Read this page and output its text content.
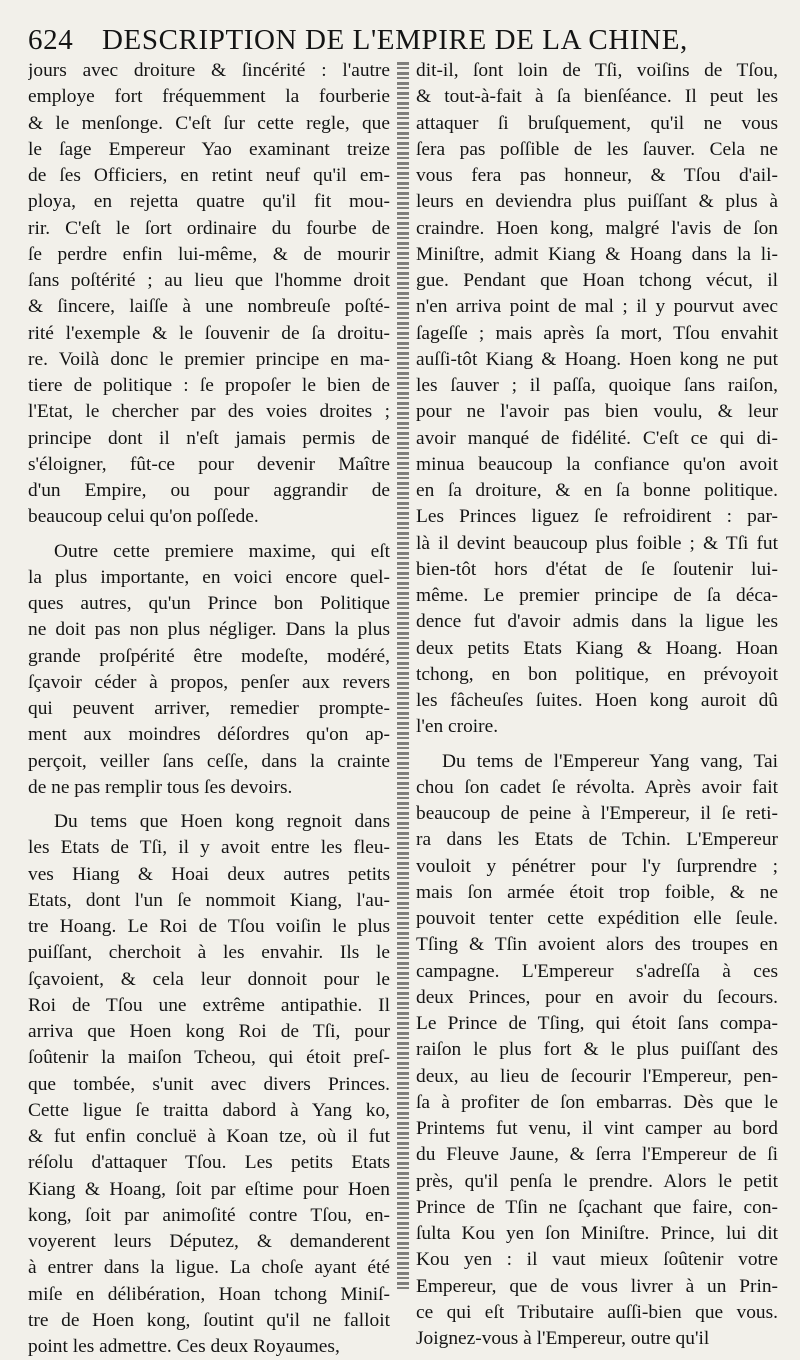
624 DESCRIPTION DE L'EMPIRE DE LA CHINE,

jours avec droiture & ſincérité : l'autre
employe fort fréquemment la fourberie
& le menſonge. C'eſt ſur cette regle, que
le ſage Empereur Yao examinant treize
de ſes Officiers, en retint neuf qu'il em-
ploya, en rejetta quatre qu'il fit mou-
rir. C'eſt le ſort ordinaire du fourbe de
ſe perdre enfin lui-même, & de mourir
ſans poſtérité ; au lieu que l'homme droit
& ſincere, laiſſe à une nombreuſe poſté-
rité l'exemple & le ſouvenir de ſa droitu-
re. Voilà donc le premier principe en ma-
tiere de politique : ſe propoſer le bien de
l'Etat, le chercher par des voies droites ;
principe dont il n'eſt jamais permis de
s'éloigner, fût-ce pour devenir Maître
d'un Empire, ou pour aggrandir de
beaucoup celui qu'on poſſede.

Outre cette premiere maxime, qui eſt
la plus importante, en voici encore quel-
ques autres, qu'un Prince bon Politique
ne doit pas non plus négliger. Dans la plus
grande proſpérité être modeſte, modéré,
ſçavoir céder à propos, penſer aux revers
qui peuvent arriver, remedier promptе-
ment aux moindres déſordres qu'on ap-
perçoit, veiller ſans ceſſe, dans la crainte
de ne pas remplir tous ſes devoirs.

Du tems que Hoen kong regnoit dans
les Etats de Tſi, il y avoit entre les fleu-
ves Hiang & Hoai deux autres petits
Etats, dont l'un ſe nommoit Kiang, l'au-
tre Hoang. Le Roi de Tſou voiſin le plus
puiſſant, cherchoit à les envahir. Ils le
ſçavoient, & cela leur donnoit pour le
Roi de Tſou une extrême antipathie. Il
arriva que Hoen kong Roi de Tſi, pour
ſoûtenir la maiſon Tcheou, qui étoit preſ-
que tombée, s'unit avec divers Princes.
Cette ligue ſe traitta dabord à Yang ko,
& fut enfin concluë à Koan tze, où il fut
réſolu d'attaquer Tſou. Les petits Etats
Kiang & Hoang, ſoit par eſtime pour Hoen
kong, ſoit par animoſité contre Tſou, en-
voyerent leurs Députez, & demanderent
à entrer dans la ligue. La choſe ayant été
miſe en délibération, Hoan tchong Miniſ-
tre de Hoen kong, ſoutint qu'il ne falloit
point les admettre. Ces deux Royaumes,

dit-il, ſont loin de Tſi, voiſins de Tſou,
& tout-à-fait à ſa bienſéance. Il peut les
attaquer ſi bruſquement, qu'il ne vous
ſera pas poſſible de les ſauver. Cela ne
vous fera pas honneur, & Tſou d'ail-
leurs en deviendra plus puiſſant & plus à
craindre. Hoen kong, malgré l'avis de ſon
Miniſtre, admit Kiang & Hoang dans la li-
gue. Pendant que Hoan tchong vécut, il
n'en arriva point de mal ; il y pourvut avec
ſageſſe ; mais après ſa mort, Tſou envahit
auſſi-tôt Kiang & Hoang. Hoen kong ne put
les ſauver ; il paſſa, quoique ſans raiſon,
pour ne l'avoir pas bien voulu, & leur
avoir manqué de fidélité. C'eſt ce qui di-
minua beaucoup la confiance qu'on avoit
en ſa droiture, & en ſa bonne politique.
Les Princes liguez ſe refroidirent : par-
là il devint beaucoup plus foible ; & Tſi fut
bien-tôt hors d'état de ſe ſoutenir lui-
même. Le premier principe de ſa déca-
dence fut d'avoir admis dans la ligue les
deux petits Etats Kiang & Hoang. Hoan
tchong, en bon politique, en prévoyoit
les fâcheuſes ſuites. Hoen kong auroit dû
l'en croire.

Du tems de l'Empereur Yang vang, Tai
chou ſon cadet ſe révolta. Après avoir fait
beaucoup de peine à l'Empereur, il ſe reti-
ra dans les Etats de Tchin. L'Empereur
vouloit y pénétrer pour l'y ſurprendre ;
mais ſon armée étoit trop foible, & ne
pouvoit tenter cette expédition elle ſeule.
Tſing & Tſin avoient alors des troupes en
campagne. L'Empereur s'adreſſa à ces
deux Princes, pour en avoir du ſecours.
Le Prince de Tſing, qui étoit ſans compa-
raiſon le plus fort & le plus puiſſant des
deux, au lieu de ſecourir l'Empereur, pen-
ſa à profiter de ſon embarras. Dès que le
Printems fut venu, il vint camper au bord
du Fleuve Jaune, & ſerra l'Empereur de ſi
près, qu'il penſa le prendre. Alors le petit
Prince de Tſin ne ſçachant que faire, con-
ſulta Kou yen ſon Miniſtre. Prince, lui dit
Kou yen : il vaut mieux ſoûtenir votre
Empereur, que de vous livrer à un Prin-
ce qui eſt Tributaire auſſi-bien que vous.
Joignez-vous à l'Empereur, outre qu'il
